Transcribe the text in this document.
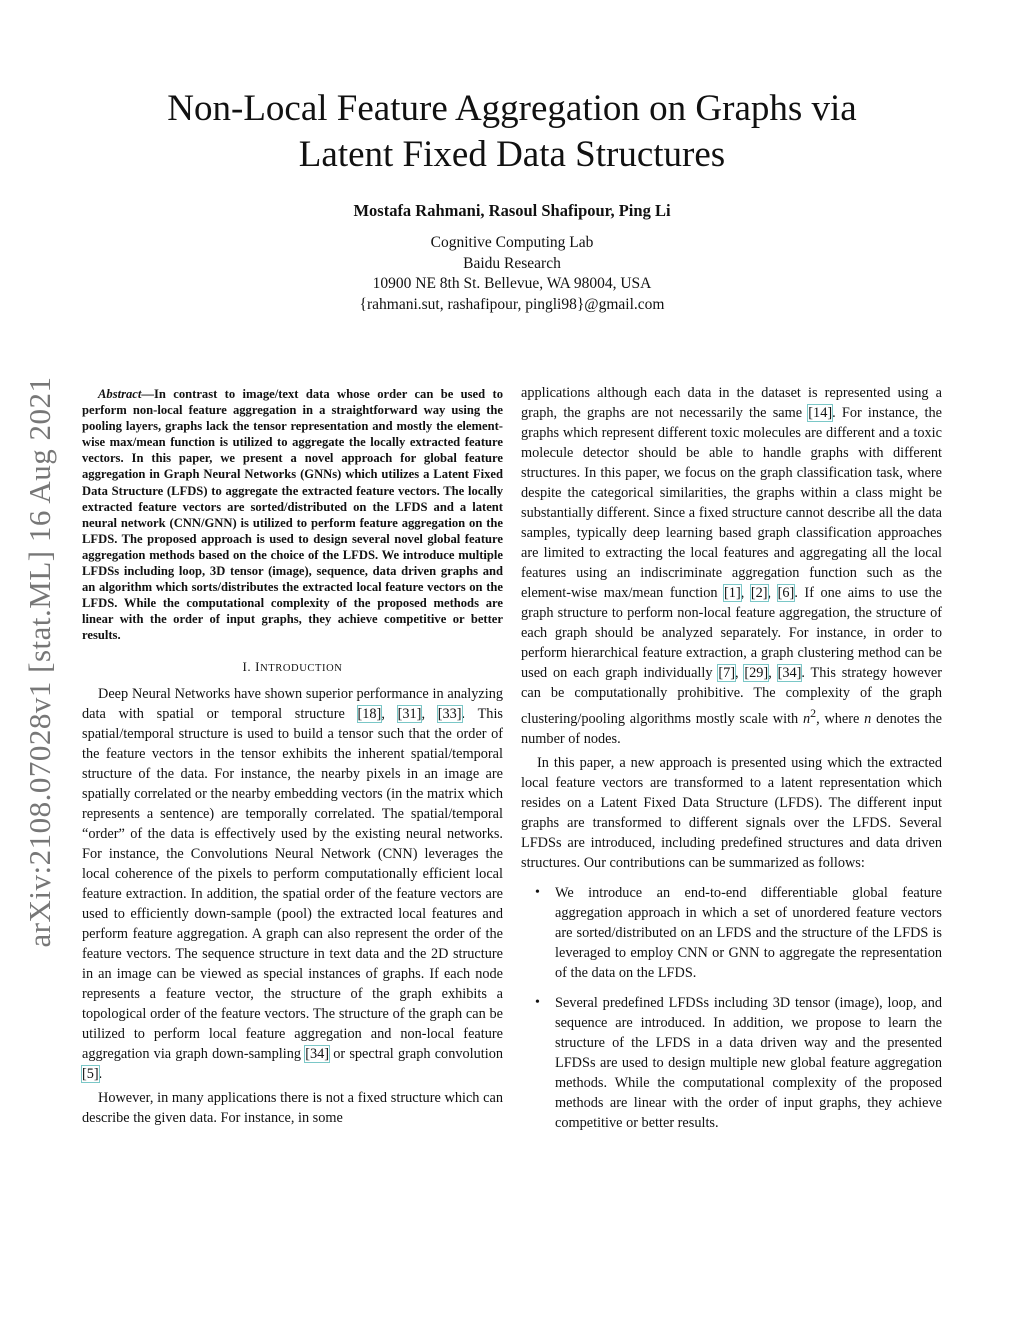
arXiv:2108.07028v1 [stat.ML] 16 Aug 2021
Non-Local Feature Aggregation on Graphs via
Latent Fixed Data Structures
Mostafa Rahmani, Rasoul Shafipour, Ping Li
Cognitive Computing Lab
Baidu Research
10900 NE 8th St. Bellevue, WA 98004, USA
{rahmani.sut, rashafipour, pingli98}@gmail.com

Abstract—In contrast to image/text data whose order can be used to perform non-local feature aggregation in a straightforward way using the pooling layers, graphs lack the tensor representation and mostly the element-wise max/mean function is utilized to aggregate the locally extracted feature vectors. In this paper, we present a novel approach for global feature aggregation in Graph Neural Networks (GNNs) which utilizes a Latent Fixed Data Structure (LFDS) to aggregate the extracted feature vectors. The locally extracted feature vectors are sorted/distributed on the LFDS and a latent neural network (CNN/GNN) is utilized to perform feature aggregation on the LFDS. The proposed approach is used to design several novel global feature aggregation methods based on the choice of the LFDS. We introduce multiple LFDSs including loop, 3D tensor (image), sequence, data driven graphs and an algorithm which sorts/distributes the extracted local feature vectors on the LFDS. While the computational complexity of the proposed methods are linear with the order of input graphs, they achieve competitive or better results.

I. INTRODUCTION

Deep Neural Networks have shown superior performance in analyzing data with spatial or temporal structure [18], [31], [33]. This spatial/temporal structure is used to build a tensor such that the order of the feature vectors in the tensor exhibits the inherent spatial/temporal structure of the data. For instance, the nearby pixels in an image are spatially correlated or the nearby embedding vectors (in the matrix which represents a sentence) are temporally correlated. The spatial/temporal “order” of the data is effectively used by the existing neural networks. For instance, the Convolutions Neural Network (CNN) leverages the local coherence of the pixels to perform computationally efficient local feature extraction. In addition, the spatial order of the feature vectors are used to efficiently down-sample (pool) the extracted local features and perform feature aggregation. A graph can also represent the order of the feature vectors. The sequence structure in text data and the 2D structure in an image can be viewed as special instances of graphs. If each node represents a feature vector, the structure of the graph exhibits a topological order of the feature vectors. The structure of the graph can be utilized to perform local feature aggregation and non-local feature aggregation via graph down-sampling [34] or spectral graph convolution [5].

However, in many applications there is not a fixed structure which can describe the given data. For instance, in some

applications although each data in the dataset is represented using a graph, the graphs are not necessarily the same [14]. For instance, the graphs which represent different toxic molecules are different and a toxic molecule detector should be able to handle graphs with different structures. In this paper, we focus on the graph classification task, where despite the categorical similarities, the graphs within a class might be substantially different. Since a fixed structure cannot describe all the data samples, typically deep learning based graph classification approaches are limited to extracting the local features and aggregating all the local features using an indiscriminate aggregation function such as the element-wise max/mean function [1], [2], [6]. If one aims to use the graph structure to perform non-local feature aggregation, the structure of each graph should be analyzed separately. For instance, in order to perform hierarchical feature extraction, a graph clustering method can be used on each graph individually [7], [29], [34]. This strategy however can be computationally prohibitive. The complexity of the graph clustering/pooling algorithms mostly scale with $n^2$, where n denotes the number of nodes.

In this paper, a new approach is presented using which the extracted local feature vectors are transformed to a latent representation which resides on a Latent Fixed Data Structure (LFDS). The different input graphs are transformed to different signals over the LFDS. Several LFDSs are introduced, including predefined structures and data driven structures. Our contributions can be summarized as follows:

• We introduce an end-to-end differentiable global feature aggregation approach in which a set of unordered feature vectors are sorted/distributed on an LFDS and the structure of the LFDS is leveraged to employ CNN or GNN to aggregate the representation of the data on the LFDS.
• Several predefined LFDSs including 3D tensor (image), loop, and sequence are introduced. In addition, we propose to learn the structure of the LFDS in a data driven way and the presented LFDSs are used to design multiple new global feature aggregation methods. While the computational complexity of the proposed methods are linear with the order of input graphs, they achieve competitive or better results.
